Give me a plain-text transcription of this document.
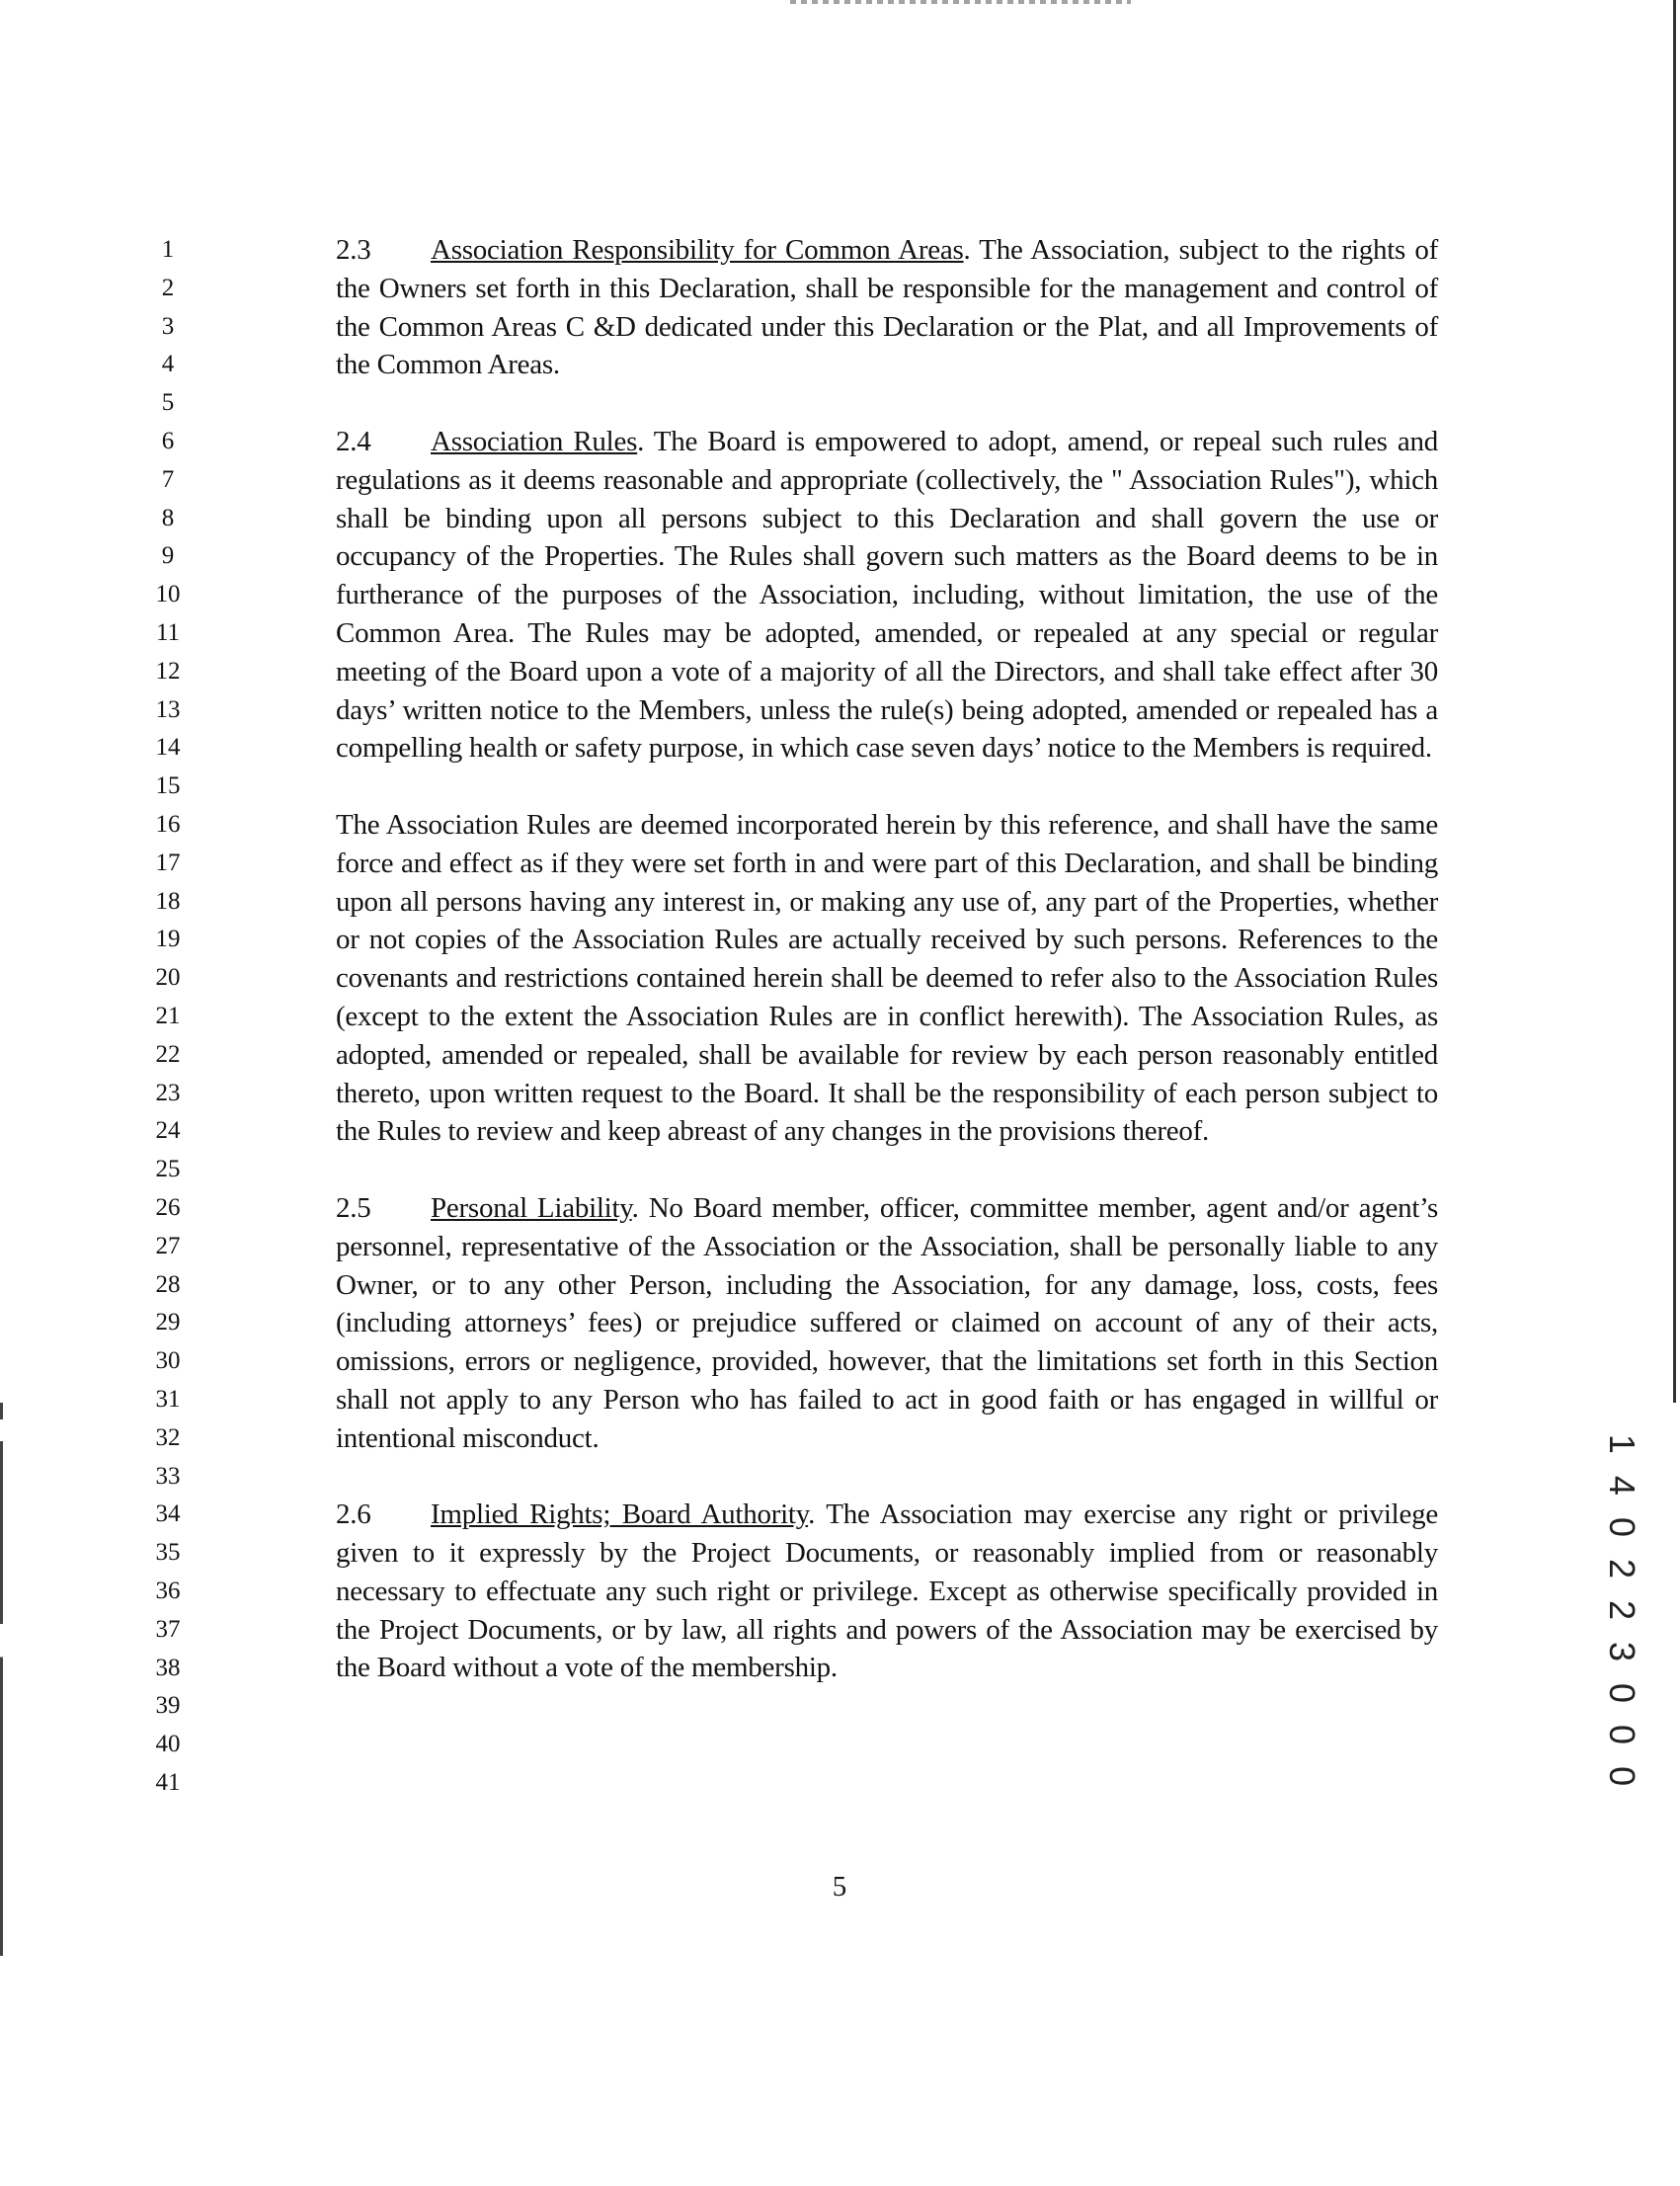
1
2
3
4
5
6
7
8
9
10
11
12
13
14
15
16
17
18
19
20
21
22
23
24
25
26
27
28
29
30
31
32
33
34
35
36
37
38
39
40
41

2.3 Association Responsibility for Common Areas. The Association, subject to the rights of the Owners set forth in this Declaration, shall be responsible for the management and control of the Common Areas C &D dedicated under this Declaration or the Plat, and all Improvements of the Common Areas.

2.4 Association Rules. The Board is empowered to adopt, amend, or repeal such rules and regulations as it deems reasonable and appropriate (collectively, the " Association Rules"), which shall be binding upon all persons subject to this Declaration and shall govern the use or occupancy of the Properties. The Rules shall govern such matters as the Board deems to be in furtherance of the purposes of the Association, including, without limitation, the use of the Common Area. The Rules may be adopted, amended, or repealed at any special or regular meeting of the Board upon a vote of a majority of all the Directors, and shall take effect after 30 days’ written notice to the Members, unless the rule(s) being adopted, amended or repealed has a compelling health or safety purpose, in which case seven days’ notice to the Members is required.

The Association Rules are deemed incorporated herein by this reference, and shall have the same force and effect as if they were set forth in and were part of this Declaration, and shall be binding upon all persons having any interest in, or making any use of, any part of the Properties, whether or not copies of the Association Rules are actually received by such persons. References to the covenants and restrictions contained herein shall be deemed to refer also to the Association Rules (except to the extent the Association Rules are in conflict herewith). The Association Rules, as adopted, amended or repealed, shall be available for review by each person reasonably entitled thereto, upon written request to the Board. It shall be the responsibility of each person subject to the Rules to review and keep abreast of any changes in the provisions thereof.

2.5 Personal Liability. No Board member, officer, committee member, agent and/or agent’s personnel, representative of the Association or the Association, shall be personally liable to any Owner, or to any other Person, including the Association, for any damage, loss, costs, fees (including attorneys’ fees) or prejudice suffered or claimed on account of any of their acts, omissions, errors or negligence, provided, however, that the limitations set forth in this Section shall not apply to any Person who has failed to act in good faith or has engaged in willful or intentional misconduct.

2.6 Implied Rights; Board Authority. The Association may exercise any right or privilege given to it expressly by the Project Documents, or reasonably implied from or reasonably necessary to effectuate any such right or privilege. Except as otherwise specifically provided in the Project Documents, or by law, all rights and powers of the Association may be exercised by the Board without a vote of the membership.

5
1 4 0 2 2 3 0 0 0
